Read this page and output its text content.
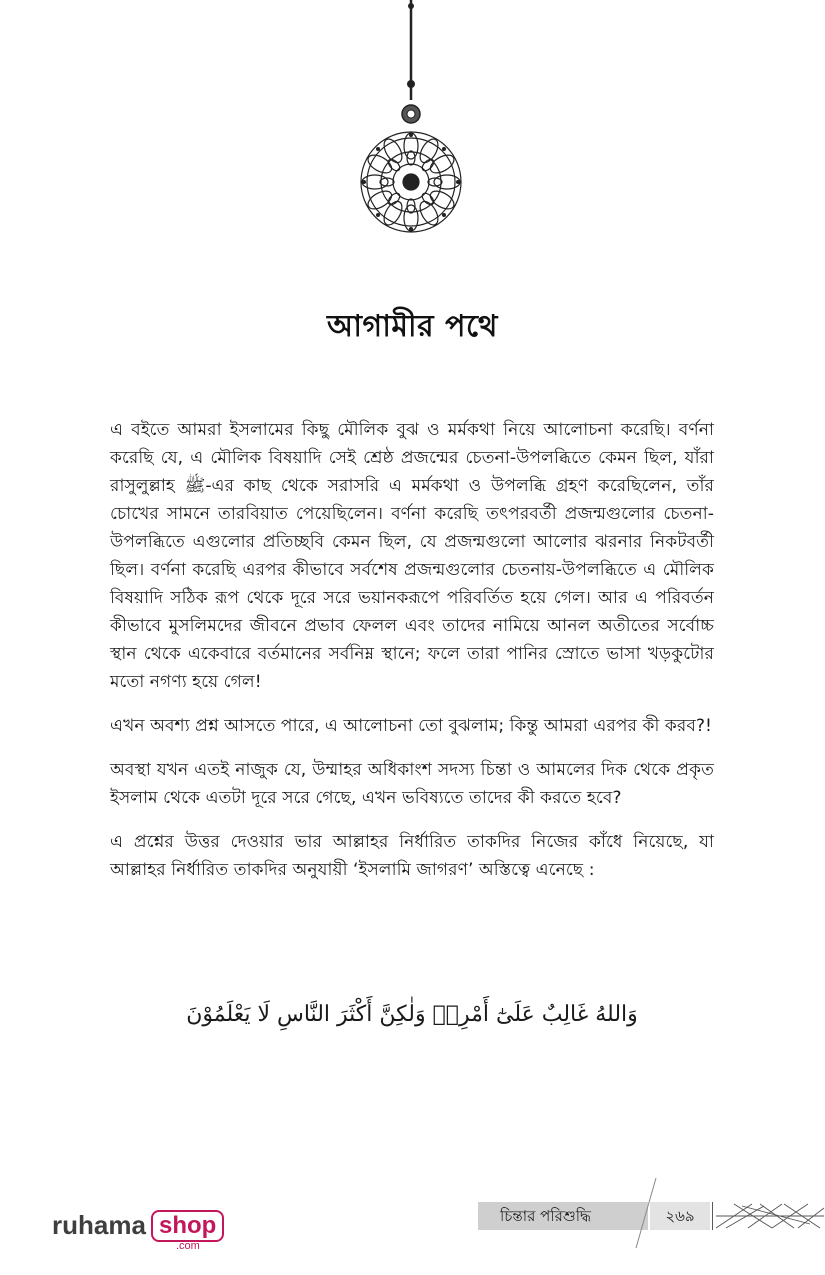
আগামীর পথে

এ বইতে আমরা ইসলামের কিছু মৌলিক বুঝ ও মর্মকথা নিয়ে আলোচনা করেছি। বর্ণনা করেছি যে, এ মৌলিক বিষয়াদি সেই শ্রেষ্ঠ প্রজন্মের চেতনা-উপলব্ধিতে কেমন ছিল, যাঁরা রাসুলুল্লাহ ﷺ-এর কাছ থেকে সরাসরি এ মর্মকথা ও উপলব্ধি গ্রহণ করেছিলেন, তাঁর চোখের সামনে তারবিয়াত পেয়েছিলেন। বর্ণনা করেছি তৎপরবর্তী প্রজন্মগুলোর চেতনা-উপলব্ধিতে এগুলোর প্রতিচ্ছবি কেমন ছিল, যে প্রজন্মগুলো আলোর ঝরনার নিকটবর্তী ছিল। বর্ণনা করেছি এরপর কীভাবে সর্বশেষ প্রজন্মগুলোর চেতনায়-উপলব্ধিতে এ মৌলিক বিষয়াদি সঠিক রূপ থেকে দূরে সরে ভয়ানকরূপে পরিবর্তিত হয়ে গেল। আর এ পরিবর্তন কীভাবে মুসলিমদের জীবনে প্রভাব ফেলল এবং তাদের নামিয়ে আনল অতীতের সর্বোচ্চ স্থান থেকে একেবারে বর্তমানের সর্বনিম্ন স্থানে; ফলে তারা পানির স্রোতে ভাসা খড়কুটোর মতো নগণ্য হয়ে গেল!

এখন অবশ্য প্রশ্ন আসতে পারে, এ আলোচনা তো বুঝলাম; কিন্তু আমরা এরপর কী করব?!

অবস্থা যখন এতই নাজুক যে, উম্মাহর অধিকাংশ সদস্য চিন্তা ও আমলের দিক থেকে প্রকৃত ইসলাম থেকে এতটা দূরে সরে গেছে, এখন ভবিষ্যতে তাদের কী করতে হবে?

এ প্রশ্নের উত্তর দেওয়ার ভার আল্লাহর নির্ধারিত তাকদির নিজের কাঁধে নিয়েছে, যা আল্লাহর নির্ধারিত তাকদির অনুযায়ী ‘ইসলামি জাগরণ’ অস্তিত্বে এনেছে :

وَاللهُ غَالِبٌ عَلَىٰٓ أَمْرِهٖ وَلٰكِنَّ أَكْثَرَ النَّاسِ لَا يَعْلَمُوْنَ
চিন্তার পরিশুদ্ধি	২৬৯
ruhama shop
.com
